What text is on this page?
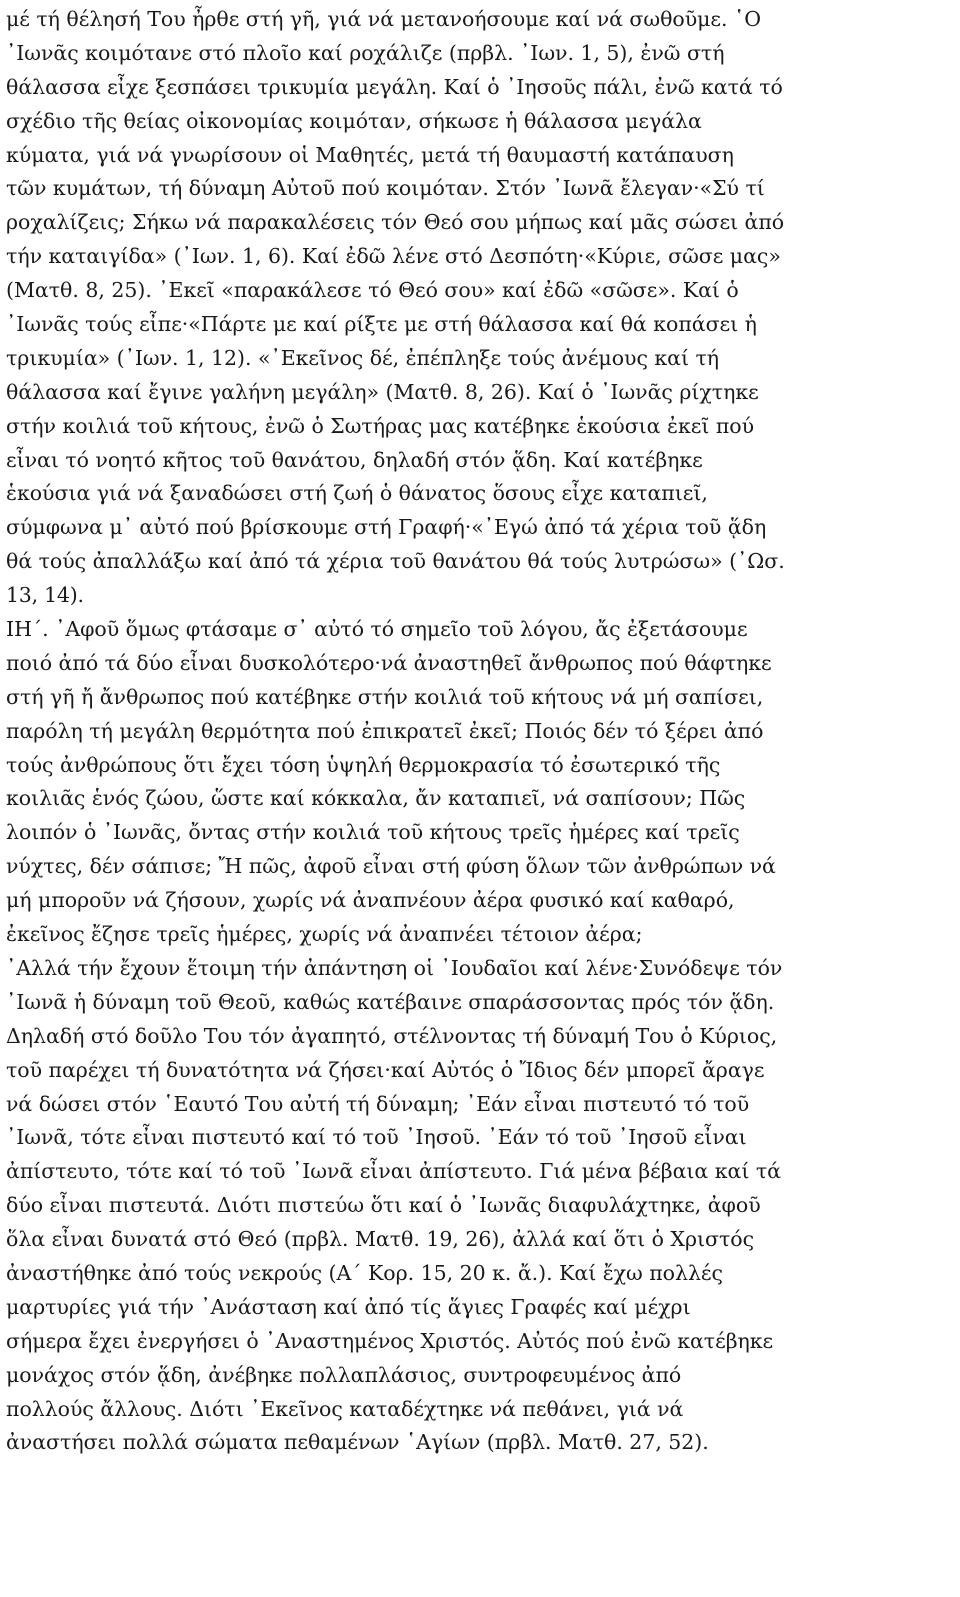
μέ τή θέλησή Του ἦρθε στή γῆ, γιά νά μετανοήσουμε καί νά σωθοῦμε. ῾Ο
᾿Ιωνᾶς κοιμότανε στό πλοῖο καί ροχάλιζε (πρβλ. ᾿Ιων. 1, 5), ἐνῶ στή
θάλασσα εἶχε ξεσπάσει τρικυμία μεγάλη. Καί ὁ ᾿Ιησοῦς πάλι, ἐνῶ κατά τό
σχέδιο τῆς θείας οἰκονομίας κοιμόταν, σήκωσε ἡ θάλασσα μεγάλα
κύματα, γιά νά γνωρίσουν οἱ Μαθητές, μετά τή θαυμαστή κατάπαυση
τῶν κυμάτων, τή δύναμη Αὐτοῦ πού κοιμόταν. Στόν ᾿Ιωνᾶ ἔλεγαν·«Σύ τί
ροχαλίζεις; Σήκω νά παρακαλέσεις τόν Θεό σου μήπως καί μᾶς σώσει ἀπό
τήν καταιγίδα» (᾿Ιων. 1, 6). Καί ἐδῶ λένε στό Δεσπότη·«Κύριε, σῶσε μας»
(Ματθ. 8, 25). ᾿Εκεῖ «παρακάλεσε τό Θεό σου» καί ἐδῶ «σῶσε». Καί ὁ
᾿Ιωνᾶς τούς εἶπε·«Πάρτε με καί ρίξτε με στή θάλασσα καί θά κοπάσει ἡ
τρικυμία» (᾿Ιων. 1, 12). «᾿Εκεῖνος δέ, ἐπέπληξε τούς ἀνέμους καί τή
θάλασσα καί ἔγινε γαλήνη μεγάλη» (Ματθ. 8, 26). Καί ὁ ᾿Ιωνᾶς ρίχτηκε
στήν κοιλιά τοῦ κήτους, ἐνῶ ὁ Σωτήρας μας κατέβηκε ἑκούσια ἐκεῖ πού
εἶναι τό νοητό κῆτος τοῦ θανάτου, δηλαδή στόν ᾅδη. Καί κατέβηκε
ἑκούσια γιά νά ξαναδώσει στή ζωή ὁ θάνατος ὅσους εἶχε καταπιεῖ,
σύμφωνα μ᾿ αὐτό πού βρίσκουμε στή Γραφή·«᾿Εγώ ἀπό τά χέρια τοῦ ᾅδη
θά τούς ἀπαλλάξω καί ἀπό τά χέρια τοῦ θανάτου θά τούς λυτρώσω» (᾿Ωσ.
13, 14).
ΙΗ΄. ᾿Αφοῦ ὅμως φτάσαμε σ᾿ αὐτό τό σημεῖο τοῦ λόγου, ἄς ἐξετάσουμε
ποιό ἀπό τά δύο εἶναι δυσκολότερο·νά ἀναστηθεῖ ἄνθρωπος πού θάφτηκε
στή γῆ ἤ ἄνθρωπος πού κατέβηκε στήν κοιλιά τοῦ κήτους νά μή σαπίσει,
παρόλη τή μεγάλη θερμότητα πού ἐπικρατεῖ ἐκεῖ; Ποιός δέν τό ξέρει ἀπό
τούς ἀνθρώπους ὅτι ἔχει τόση ὑψηλή θερμοκρασία τό ἐσωτερικό τῆς
κοιλιᾶς ἑνός ζώου, ὥστε καί κόκκαλα, ἄν καταπιεῖ, νά σαπίσουν; Πῶς
λοιπόν ὁ ᾿Ιωνᾶς, ὄντας στήν κοιλιά τοῦ κήτους τρεῖς ἡμέρες καί τρεῖς
νύχτες, δέν σάπισε; Ἤ πῶς, ἀφοῦ εἶναι στή φύση ὅλων τῶν ἀνθρώπων νά
μή μποροῦν νά ζήσουν, χωρίς νά ἀναπνέουν ἀέρα φυσικό καί καθαρό,
ἐκεῖνος ἔζησε τρεῖς ἡμέρες, χωρίς νά ἀναπνέει τέτοιον ἀέρα;
᾿Αλλά τήν ἔχουν ἕτοιμη τήν ἀπάντηση οἱ ᾿Ιουδαῖοι καί λένε·Συνόδεψε τόν
᾿Ιωνᾶ ἡ δύναμη τοῦ Θεοῦ, καθώς κατέβαινε σπαράσσοντας πρός τόν ᾅδη.
Δηλαδή στό δοῦλο Του τόν ἀγαπητό, στέλνοντας τή δύναμή Του ὁ Κύριος,
τοῦ παρέχει τή δυνατότητα νά ζήσει·καί Αὐτός ὁ Ἴδιος δέν μπορεῖ ἄραγε
νά δώσει στόν ῾Εαυτό Του αὐτή τή δύναμη; ᾿Εάν εἶναι πιστευτό τό τοῦ
᾿Ιωνᾶ, τότε εἶναι πιστευτό καί τό τοῦ ᾿Ιησοῦ. ᾿Εάν τό τοῦ ᾿Ιησοῦ εἶναι
ἀπίστευτο, τότε καί τό τοῦ ᾿Ιωνᾶ εἶναι ἀπίστευτο. Γιά μένα βέβαια καί τά
δύο εἶναι πιστευτά. Διότι πιστεύω ὅτι καί ὁ ᾿Ιωνᾶς διαφυλάχτηκε, ἀφοῦ
ὅλα εἶναι δυνατά στό Θεό (πρβλ. Ματθ. 19, 26), ἀλλά καί ὅτι ὁ Χριστός
ἀναστήθηκε ἀπό τούς νεκρούς (Α΄ Κορ. 15, 20 κ. ἄ.). Καί ἔχω πολλές
μαρτυρίες γιά τήν ᾿Ανάσταση καί ἀπό τίς ἅγιες Γραφές καί μέχρι
σήμερα ἔχει ἐνεργήσει ὁ ᾿Αναστημένος Χριστός. Αὐτός πού ἐνῶ κατέβηκε
μονάχος στόν ᾅδη, ἀνέβηκε πολλαπλάσιος, συντροφευμένος ἀπό
πολλούς ἄλλους. Διότι ᾿Εκεῖνος καταδέχτηκε νά πεθάνει, γιά νά
ἀναστήσει πολλά σώματα πεθαμένων ῾Αγίων (πρβλ. Ματθ. 27, 52).
